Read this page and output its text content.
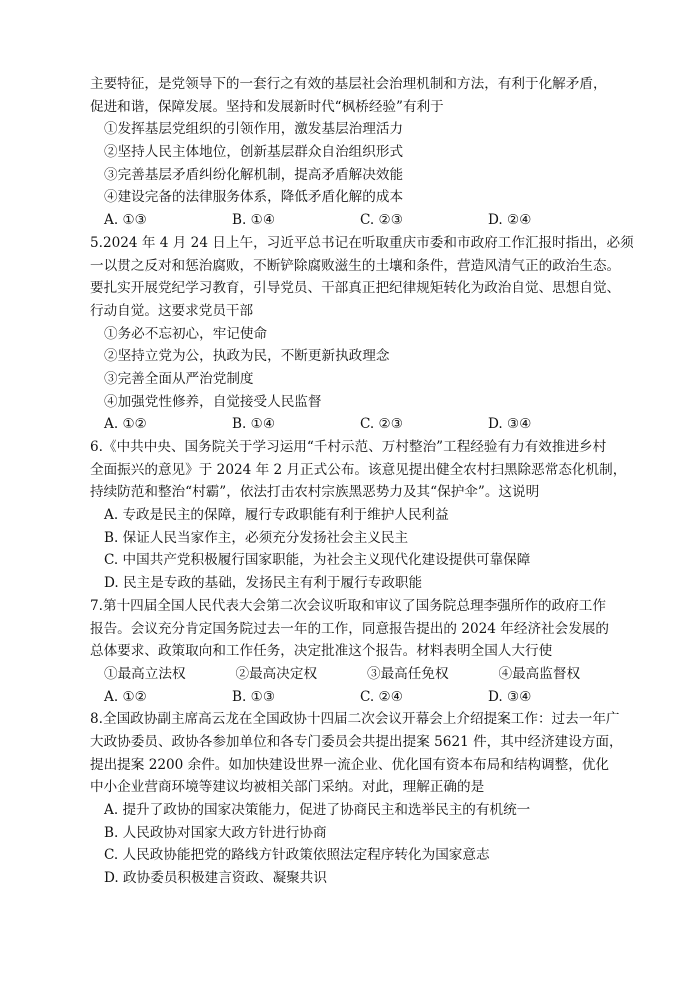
主要特征，是党领导下的一套行之有效的基层社会治理机制和方法，有利于化解矛盾，
促进和谐，保障发展。坚持和发展新时代“枫桥经验”有利于
①发挥基层党组织的引领作用，激发基层治理活力
②坚持人民主体地位，创新基层群众自治组织形式
③完善基层矛盾纠纷化解机制，提高矛盾解决效能
④建设完备的法律服务体系，降低矛盾化解的成本
A. ①③	B. ①④	C. ②③	D. ②④
5.2024 年 4 月 24 日上午，习近平总书记在听取重庆市委和市政府工作汇报时指出，必须
一以贯之反对和惩治腐败，不断铲除腐败滋生的土壤和条件，营造风清气正的政治生态。
要扎实开展党纪学习教育，引导党员、干部真正把纪律规矩转化为政治自觉、思想自觉、
行动自觉。这要求党员干部
①务必不忘初心，牢记使命
②坚持立党为公，执政为民，不断更新执政理念
③完善全面从严治党制度
④加强党性修养，自觉接受人民监督
A. ①②	B. ①④	C. ②③	D. ③④
6.《中共中央、国务院关于学习运用“千村示范、万村整治”工程经验有力有效推进乡村
全面振兴的意见》于 2024 年 2 月正式公布。该意见提出健全农村扫黑除恶常态化机制，
持续防范和整治“村霸”，依法打击农村宗族黑恶势力及其“保护伞”。这说明
A. 专政是民主的保障，履行专政职能有利于维护人民利益
B. 保证人民当家作主，必须充分发扬社会主义民主
C. 中国共产党积极履行国家职能，为社会主义现代化建设提供可靠保障
D. 民主是专政的基础，发扬民主有利于履行专政职能
7.第十四届全国人民代表大会第二次会议听取和审议了国务院总理李强所作的政府工作
报告。会议充分肯定国务院过去一年的工作，同意报告提出的 2024 年经济社会发展的
总体要求、政策取向和工作任务，决定批准这个报告。材料表明全国人大行使
①最高立法权	②最高决定权	③最高任免权	④最高监督权
A. ①②	B. ①③	C. ②④	D. ③④
8.全国政协副主席高云龙在全国政协十四届二次会议开幕会上介绍提案工作：过去一年广
大政协委员、政协各参加单位和各专门委员会共提出提案 5621 件，其中经济建设方面，
提出提案 2200 余件。如加快建设世界一流企业、优化国有资本布局和结构调整，优化
中小企业营商环境等建议均被相关部门采纳。对此，理解正确的是
A. 提升了政协的国家决策能力，促进了协商民主和选举民主的有机统一
B. 人民政协对国家大政方针进行协商
C. 人民政协能把党的路线方针政策依照法定程序转化为国家意志
D. 政协委员积极建言资政、凝聚共识
